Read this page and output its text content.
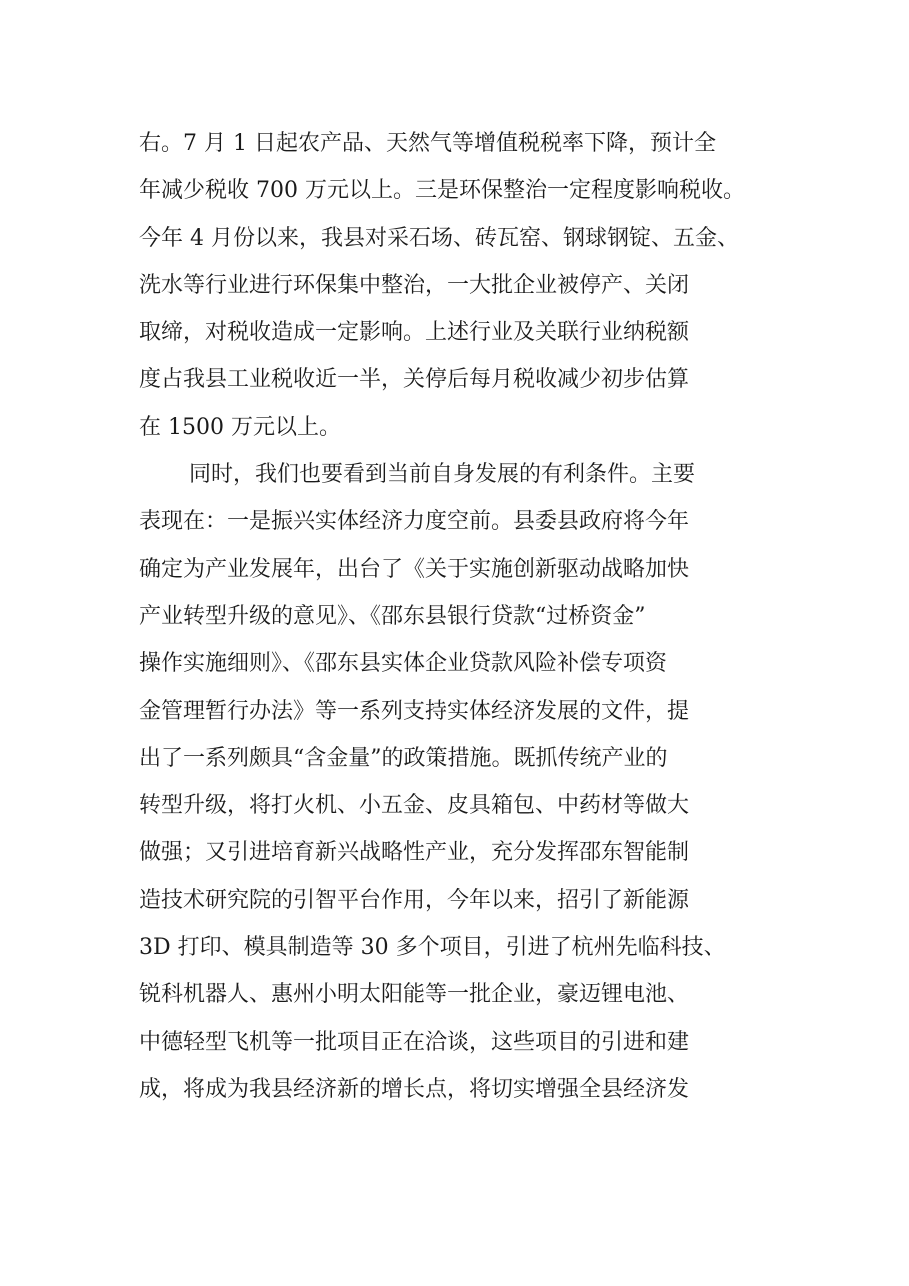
右。7 月 1 日起农产品、天然气等增值税税率下降，预计全
年减少税收 700 万元以上。三是环保整治一定程度影响税收。
今年 4 月份以来，我县对采石场、砖瓦窑、钢球钢锭、五金、
洗水等行业进行环保集中整治，一大批企业被停产、关闭
取缔，对税收造成一定影响。上述行业及关联行业纳税额
度占我县工业税收近一半，关停后每月税收减少初步估算
在 1500 万元以上。
同时，我们也要看到当前自身发展的有利条件。主要
表现在：一是振兴实体经济力度空前。县委县政府将今年
确定为产业发展年，出台了《关于实施创新驱动战略加快
产业转型升级的意见》、《邵东县银行贷款“过桥资金”
操作实施细则》、《邵东县实体企业贷款风险补偿专项资
金管理暂行办法》等一系列支持实体经济发展的文件，提
出了一系列颇具“含金量”的政策措施。既抓传统产业的
转型升级，将打火机、小五金、皮具箱包、中药材等做大
做强；又引进培育新兴战略性产业，充分发挥邵东智能制
造技术研究院的引智平台作用，今年以来，招引了新能源
3D 打印、模具制造等 30 多个项目，引进了杭州先临科技、
锐科机器人、惠州小明太阳能等一批企业，豪迈锂电池、
中德轻型飞机等一批项目正在洽谈，这些项目的引进和建
成，将成为我县经济新的增长点，将切实增强全县经济发
